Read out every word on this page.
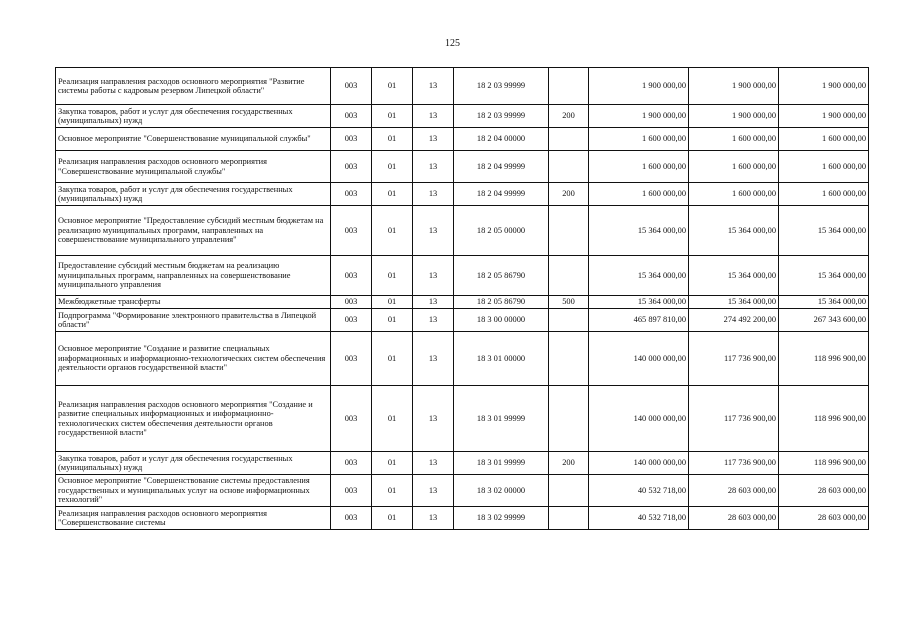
125
Реализация направления расходов основного мероприятия "Развитие системы работы с кадровым резервом Липецкой области"	003	01	13	18 2 03 99999		1 900 000,00	1 900 000,00	1 900 000,00
Закупка товаров, работ и услуг для обеспечения государственных (муниципальных) нужд	003	01	13	18 2 03 99999	200	1 900 000,00	1 900 000,00	1 900 000,00
Основное мероприятие "Совершенствование муниципальной службы"	003	01	13	18 2 04 00000		1 600 000,00	1 600 000,00	1 600 000,00
Реализация направления расходов основного мероприятия "Совершенствование муниципальной службы"	003	01	13	18 2 04 99999		1 600 000,00	1 600 000,00	1 600 000,00
Закупка товаров, работ и услуг для обеспечения государственных (муниципальных) нужд	003	01	13	18 2 04 99999	200	1 600 000,00	1 600 000,00	1 600 000,00
Основное мероприятие "Предоставление субсидий местным бюджетам на реализацию муниципальных программ, направленных на совершенствование муниципального управления"	003	01	13	18 2 05 00000		15 364 000,00	15 364 000,00	15 364 000,00
Предоставление субсидий местным бюджетам на реализацию муниципальных программ, направленных на совершенствование муниципального управления	003	01	13	18 2 05 86790		15 364 000,00	15 364 000,00	15 364 000,00
Межбюджетные трансферты	003	01	13	18 2 05 86790	500	15 364 000,00	15 364 000,00	15 364 000,00
Подпрограмма "Формирование электронного правительства в Липецкой области"	003	01	13	18 3 00 00000		465 897 810,00	274 492 200,00	267 343 600,00
Основное мероприятие "Создание и развитие специальных информационных и информационно-технологических систем обеспечения деятельности органов государственной власти"	003	01	13	18 3 01 00000		140 000 000,00	117 736 900,00	118 996 900,00
Реализация направления расходов основного мероприятия "Создание и развитие специальных информационных и информационно-технологических систем обеспечения деятельности органов государственной власти"	003	01	13	18 3 01 99999		140 000 000,00	117 736 900,00	118 996 900,00
Закупка товаров, работ и услуг для обеспечения государственных (муниципальных) нужд	003	01	13	18 3 01 99999	200	140 000 000,00	117 736 900,00	118 996 900,00
Основное мероприятие "Совершенствование системы предоставления государственных и муниципальных услуг на основе информационных технологий"	003	01	13	18 3 02 00000		40 532 718,00	28 603 000,00	28 603 000,00
Реализация направления расходов основного мероприятия "Совершенствование системы	003	01	13	18 3 02 99999		40 532 718,00	28 603 000,00	28 603 000,00
